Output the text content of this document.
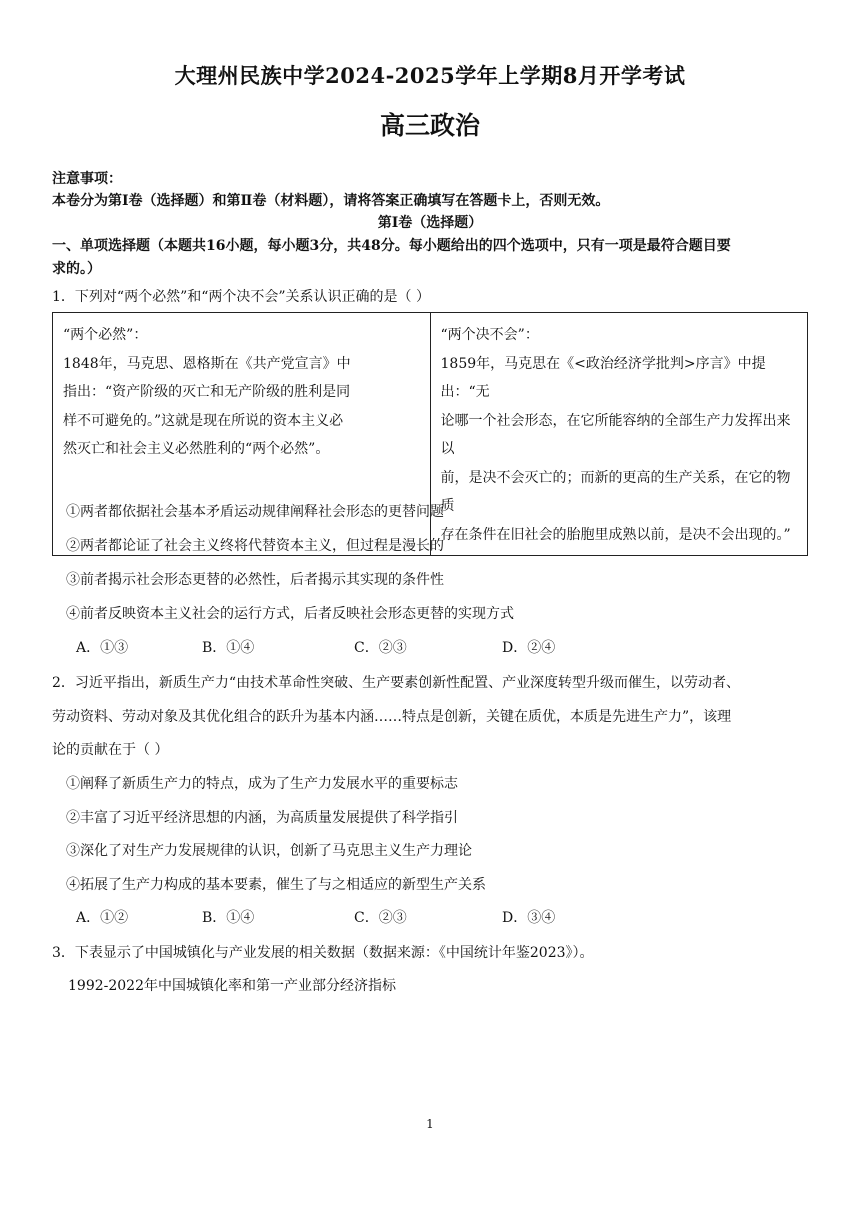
大理州民族中学2024-2025学年上学期8月开学考试
高三政治
注意事项：
本卷分为第Ⅰ卷（选择题）和第Ⅱ卷（材料题），请将答案正确填写在答题卡上，否则无效。
第Ⅰ卷（选择题）
一、单项选择题（本题共16小题，每小题3分，共48分。每小题给出的四个选项中，只有一项是最符合题目要
求的。）
1．下列对“两个必然”和“两个决不会”关系认识正确的是（ ）
“两个必然”：
1848年，马克思、恩格斯在《共产党宣言》中
指出：“资产阶级的灭亡和无产阶级的胜利是同
样不可避免的。”这就是现在所说的资本主义必
然灭亡和社会主义必然胜利的“两个必然”。

“两个决不会”：
1859年，马克思在《<政治经济学批判>序言》中提出：“无
论哪一个社会形态，在它所能容纳的全部生产力发挥出来以
前，是决不会灭亡的；而新的更高的生产关系，在它的物质
存在条件在旧社会的胎胞里成熟以前，是决不会出现的。”
①两者都依据社会基本矛盾运动规律阐释社会形态的更替问题
②两者都论证了社会主义终将代替资本主义，但过程是漫长的
③前者揭示社会形态更替的必然性，后者揭示其实现的条件性
④前者反映资本主义社会的运行方式，后者反映社会形态更替的实现方式
A．①③	B．①④	C．②③	D．②④
2．习近平指出，新质生产力“由技术革命性突破、生产要素创新性配置、产业深度转型升级而催生，以劳动者、
劳动资料、劳动对象及其优化组合的跃升为基本内涵……特点是创新，关键在质优，本质是先进生产力”，该理
论的贡献在于（ ）
①阐释了新质生产力的特点，成为了生产力发展水平的重要标志
②丰富了习近平经济思想的内涵，为高质量发展提供了科学指引
③深化了对生产力发展规律的认识，创新了马克思主义生产力理论
④拓展了生产力构成的基本要素，催生了与之相适应的新型生产关系
A．①②	B．①④	C．②③	D．③④
3．下表显示了中国城镇化与产业发展的相关数据（数据来源：《中国统计年鉴2023》）。
1992-2022年中国城镇化率和第一产业部分经济指标
1
